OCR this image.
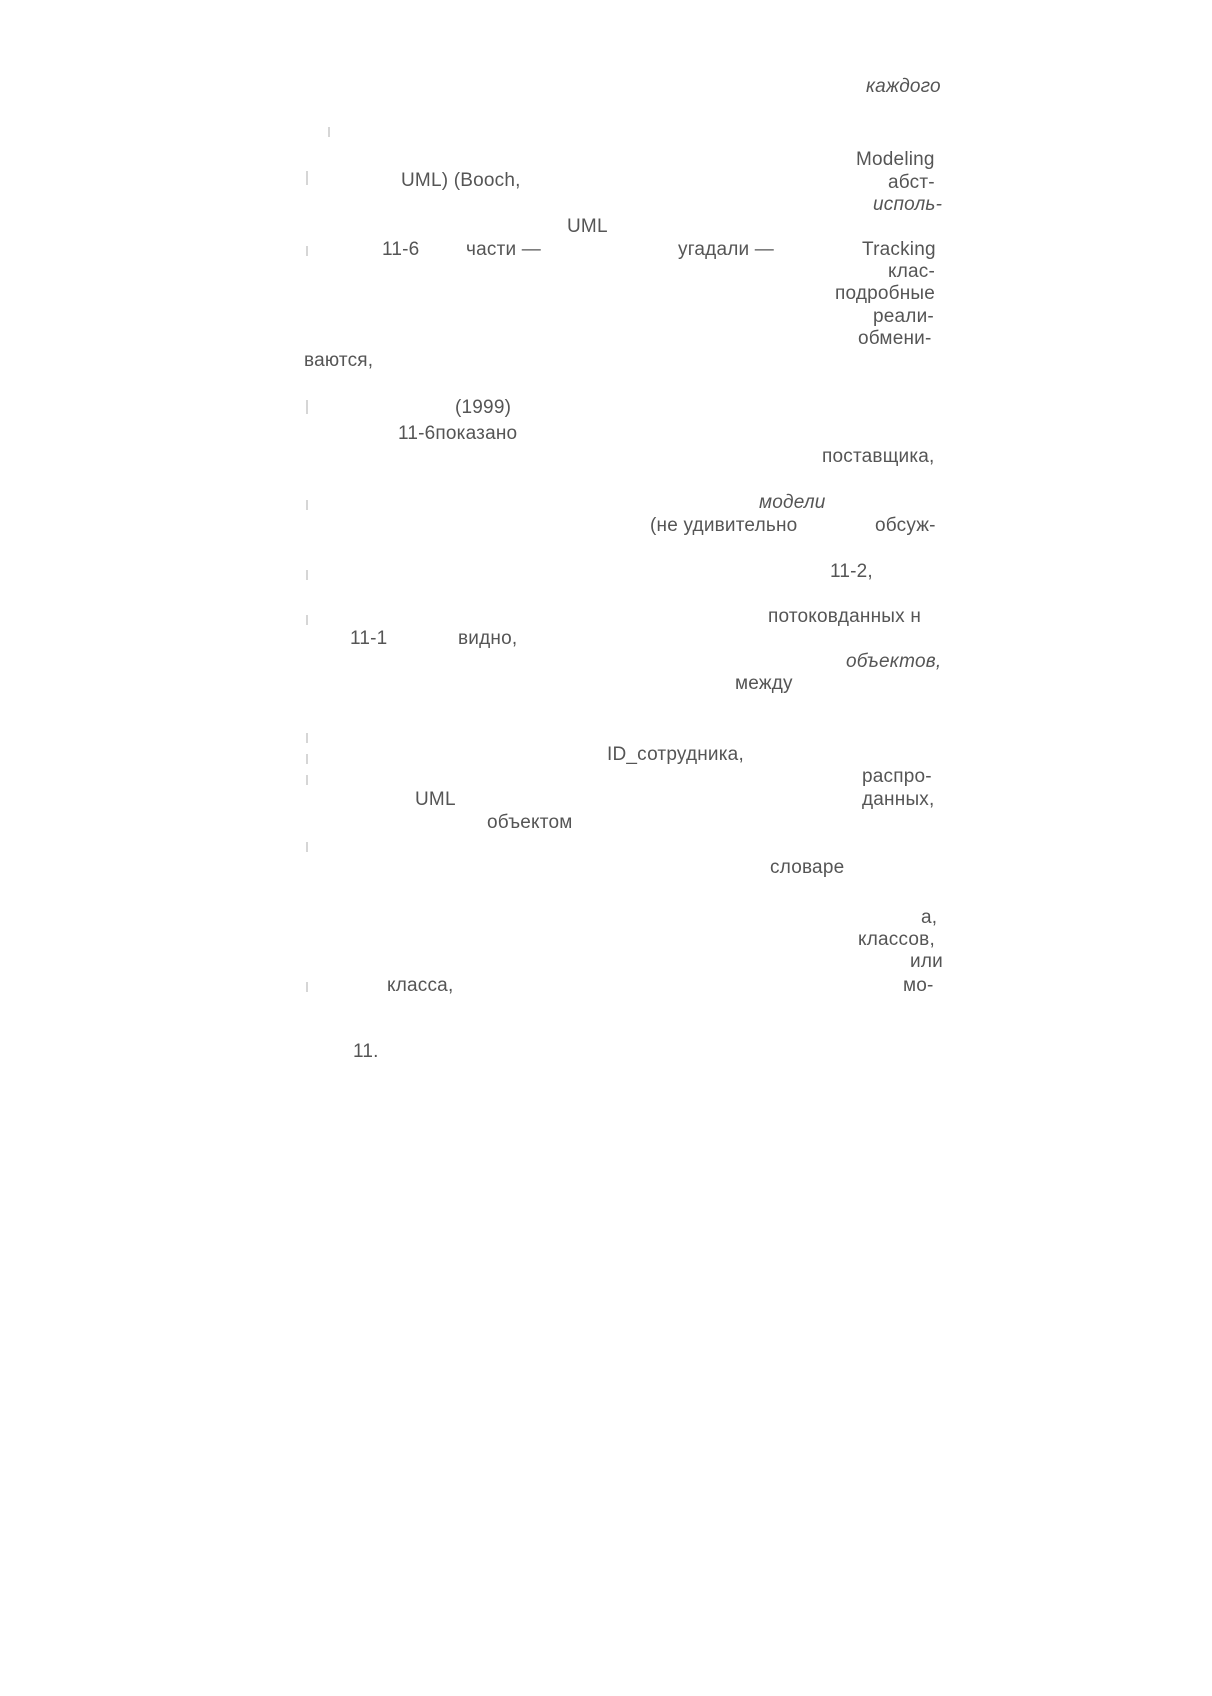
каждого
Modeling
UML) (Booch,	абст-
исполь-
UML
11-6 части —	угадали —	Tracking
клас-
подробные
реали-
обмени-
ваются,
(1999)
11-6показано
поставщика,
модели
(не удивительно	обсуж-
11-2,
потоковданных н
11-1	видно,
объектов,
между
ID_сотрудника,
распро-
UML	данных,
объектом
словаре
a,
классов,
или
класса,	мо-
11.
